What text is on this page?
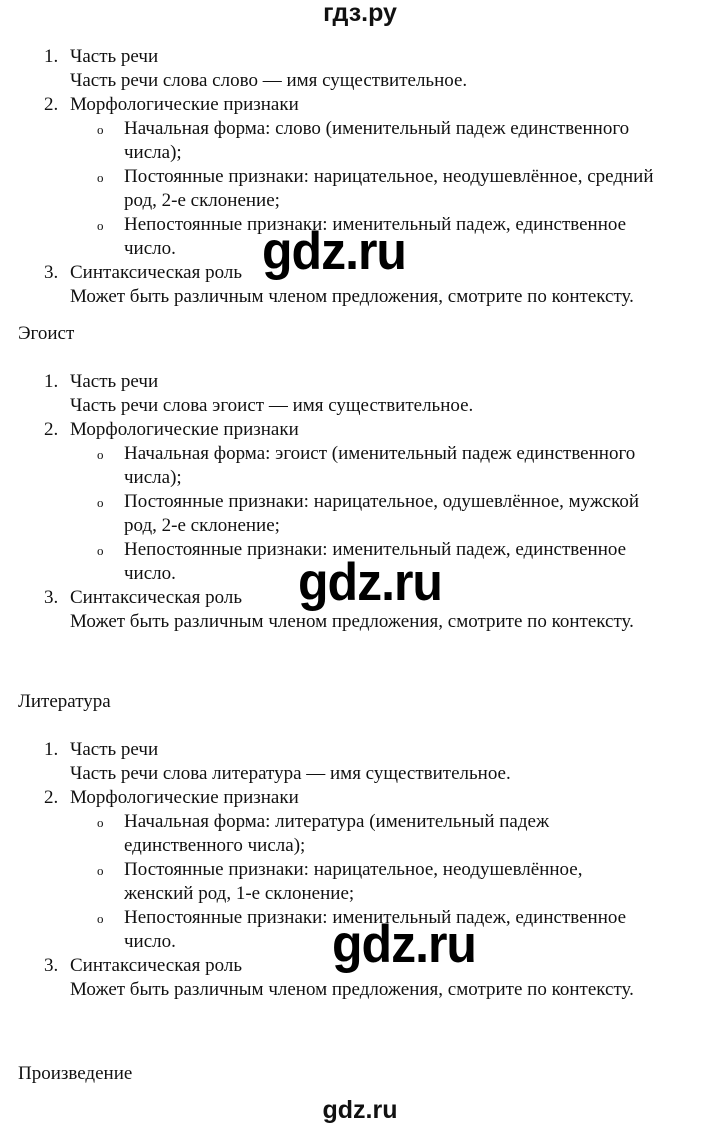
гдз.ру
1. Часть речи
Часть речи слова слово — имя существительное.
2. Морфологические признаки
o Начальная форма: слово (именительный падеж единственного
числа);
o Постоянные признаки: нарицательное, неодушевлённое, средний
род, 2-е склонение;
o Непостоянные признаки: именительный падеж, единственное
число.
3. Синтаксическая роль
Может быть различным членом предложения, смотрите по контексту.
Эгоист
1. Часть речи
Часть речи слова эгоист — имя существительное.
2. Морфологические признаки
o Начальная форма: эгоист (именительный падеж единственного
числа);
o Постоянные признаки: нарицательное, одушевлённое, мужской
род, 2-е склонение;
o Непостоянные признаки: именительный падеж, единственное
число.
3. Синтаксическая роль
Может быть различным членом предложения, смотрите по контексту.
Литература
1. Часть речи
Часть речи слова литература — имя существительное.
2. Морфологические признаки
o Начальная форма: литература (именительный падеж
единственного числа);
o Постоянные признаки: нарицательное, неодушевлённое,
женский род, 1-е склонение;
o Непостоянные признаки: именительный падеж, единственное
число.
3. Синтаксическая роль
Может быть различным членом предложения, смотрите по контексту.
Произведение
gdz.ru
gdz.ru
gdz.ru
gdz.ru
